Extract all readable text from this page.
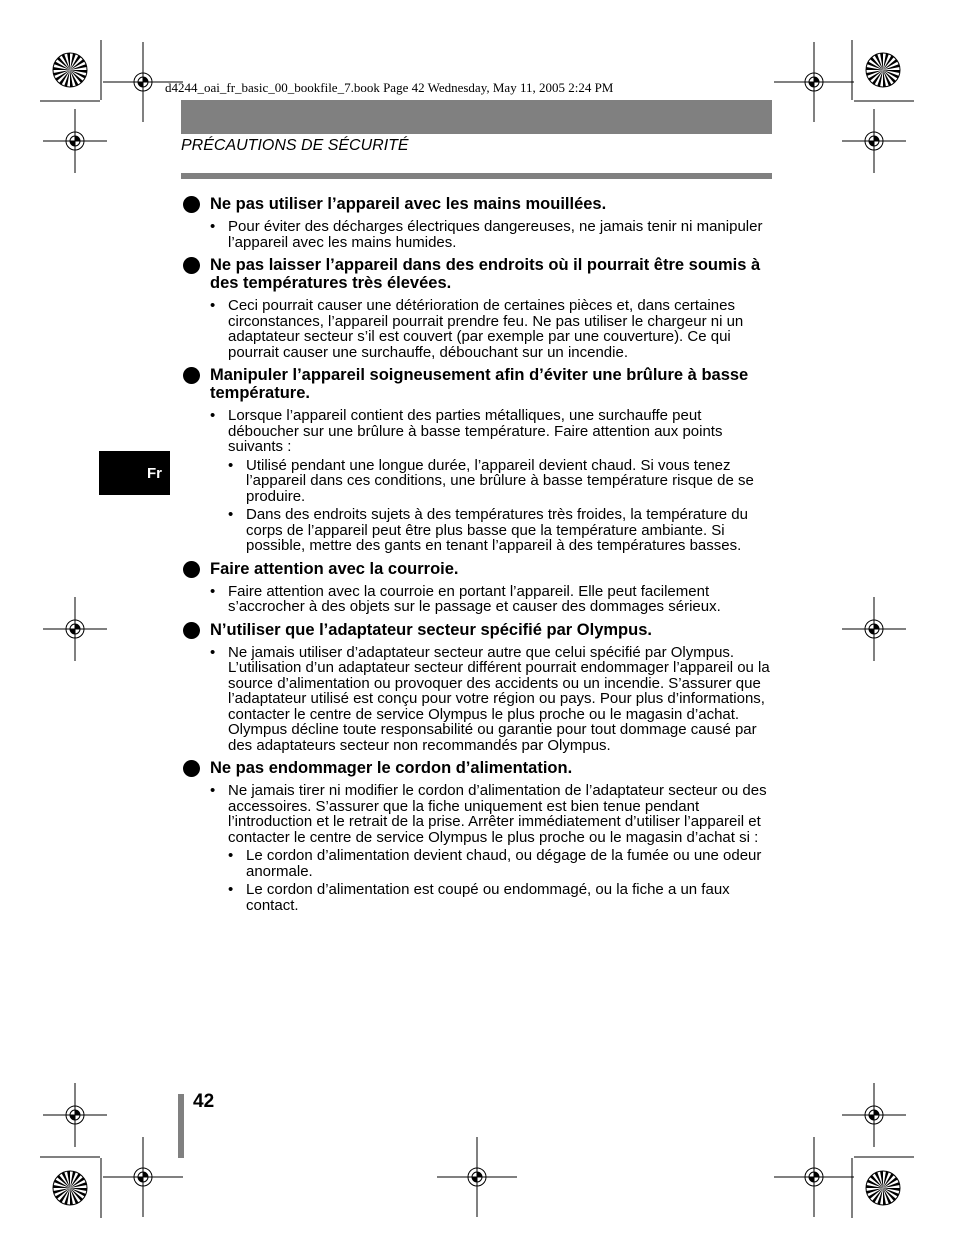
d4244_oai_fr_basic_00_bookfile_7.book Page 42 Wednesday, May 11, 2005 2:24 PM
PRÉCAUTIONS DE SÉCURITÉ
Fr
Ne pas utiliser l’appareil avec les mains mouillées.
• Pour éviter des décharges électriques dangereuses, ne jamais tenir ni manipuler l’appareil avec les mains humides.
Ne pas laisser l’appareil dans des endroits où il pourrait être soumis à des températures très élevées.
• Ceci pourrait causer une détérioration de certaines pièces et, dans certaines circonstances, l’appareil pourrait prendre feu. Ne pas utiliser le chargeur ni un adaptateur secteur s’il est couvert (par exemple par une couverture). Ce qui pourrait causer une surchauffe, débouchant sur un incendie.
Manipuler l’appareil soigneusement afin d’éviter une brûlure à basse température.
• Lorsque l’appareil contient des parties métalliques, une surchauffe peut déboucher sur une brûlure à basse température. Faire attention aux points suivants :
• Utilisé pendant une longue durée, l’appareil devient chaud. Si vous tenez l’appareil dans ces conditions, une brûlure à basse température risque de se produire.
• Dans des endroits sujets à des températures très froides, la température du corps de l’appareil peut être plus basse que la température ambiante. Si possible, mettre des gants en tenant l’appareil à des températures basses.
Faire attention avec la courroie.
• Faire attention avec la courroie en portant l’appareil. Elle peut facilement s’accrocher à des objets sur le passage et causer des dommages sérieux.
N’utiliser que l’adaptateur secteur spécifié par Olympus.
• Ne jamais utiliser d’adaptateur secteur autre que celui spécifié par Olympus. L’utilisation d’un adaptateur secteur différent pourrait endommager l’appareil ou la source d’alimentation ou provoquer des accidents ou un incendie. S’assurer que l’adaptateur utilisé est conçu pour votre région ou pays. Pour plus d’informations, contacter le centre de service Olympus le plus proche ou le magasin d’achat. Olympus décline toute responsabilité ou garantie pour tout dommage causé par des adaptateurs secteur non recommandés par Olympus.
Ne pas endommager le cordon d’alimentation.
• Ne jamais tirer ni modifier le cordon d’alimentation de l’adaptateur secteur ou des accessoires. S’assurer que la fiche uniquement est bien tenue pendant l’introduction et le retrait de la prise. Arrêter immédiatement d’utiliser l’appareil et contacter le centre de service Olympus le plus proche ou le magasin d’achat si :
• Le cordon d’alimentation devient chaud, ou dégage de la fumée ou une odeur anormale.
• Le cordon d’alimentation est coupé ou endommagé, ou la fiche a un faux contact.
42
